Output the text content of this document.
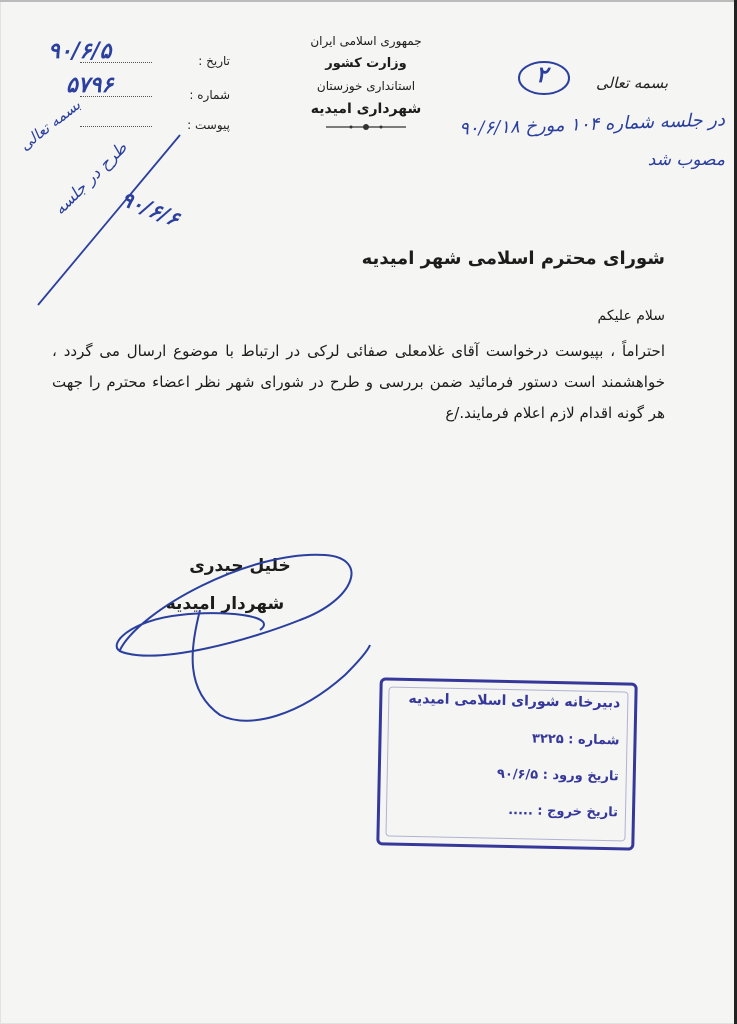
جمهوری اسلامی ایران
وزارت کشور
استانداری خوزستان
شهرداری امیدیه
تاریخ :
۹۰/۶/۵
شماره :
۵۷۹۶
پیوست :
بسمه تعالی
۲
در جلسه شماره ۱۰۴ مورخ ۹۰/۶/۱۸
مصوب شد
بسمه تعالی
طرح در جلسه
۹۰/۶/۶
شورای محترم اسلامی شهر امیدیه
سلام علیکم
احتراماً ، بپیوست درخواست آقای غلامعلی صفائی لرکی در ارتباط با موضوع ارسال می گردد ، خواهشمند است دستور فرمائید ضمن بررسی و طرح در شورای شهر نظر اعضاء محترم را جهت هر گونه اقدام لازم اعلام فرمایند./ع
خلیل حیدری
شهردار امیدیه
دبیرخانه شورای اسلامی امیدیه
شماره : ۳۲۲۵
تاریخ ورود : ۹۰/۶/۵
تاریخ خروج : .....
